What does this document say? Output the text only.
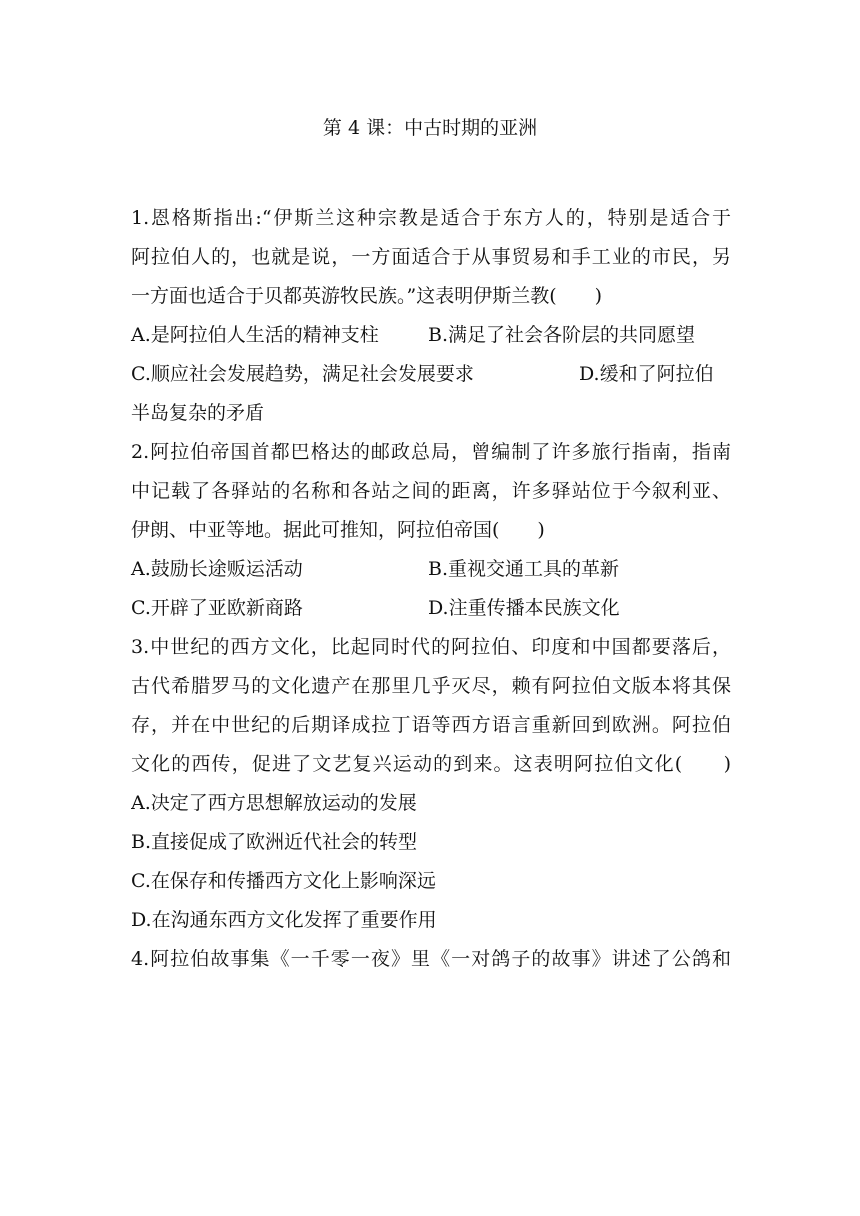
第 4 课：中古时期的亚洲
1.恩格斯指出:“伊斯兰这种宗教是适合于东方人的，特别是适合于
阿拉伯人的，也就是说，一方面适合于从事贸易和手工业的市民，另
一方面也适合于贝都英游牧民族。”这表明伊斯兰教(　　)
A.是阿拉伯人生活的精神支柱	B.满足了社会各阶层的共同愿望
C.顺应社会发展趋势，满足社会发展要求	D.缓和了阿拉伯
半岛复杂的矛盾
2.阿拉伯帝国首都巴格达的邮政总局，曾编制了许多旅行指南，指南
中记载了各驿站的名称和各站之间的距离，许多驿站位于今叙利亚、
伊朗、中亚等地。据此可推知，阿拉伯帝国(　　)
A.鼓励长途贩运活动	B.重视交通工具的革新
C.开辟了亚欧新商路	D.注重传播本民族文化
3.中世纪的西方文化，比起同时代的阿拉伯、印度和中国都要落后，
古代希腊罗马的文化遗产在那里几乎灭尽，赖有阿拉伯文版本将其保
存，并在中世纪的后期译成拉丁语等西方语言重新回到欧洲。阿拉伯
文化的西传，促进了文艺复兴运动的到来。这表明阿拉伯文化(　　)
A.决定了西方思想解放运动的发展
B.直接促成了欧洲近代社会的转型
C.在保存和传播西方文化上影响深远
D.在沟通东西方文化发挥了重要作用
4.阿拉伯故事集《一千零一夜》里《一对鸽子的故事》讲述了公鸽和
